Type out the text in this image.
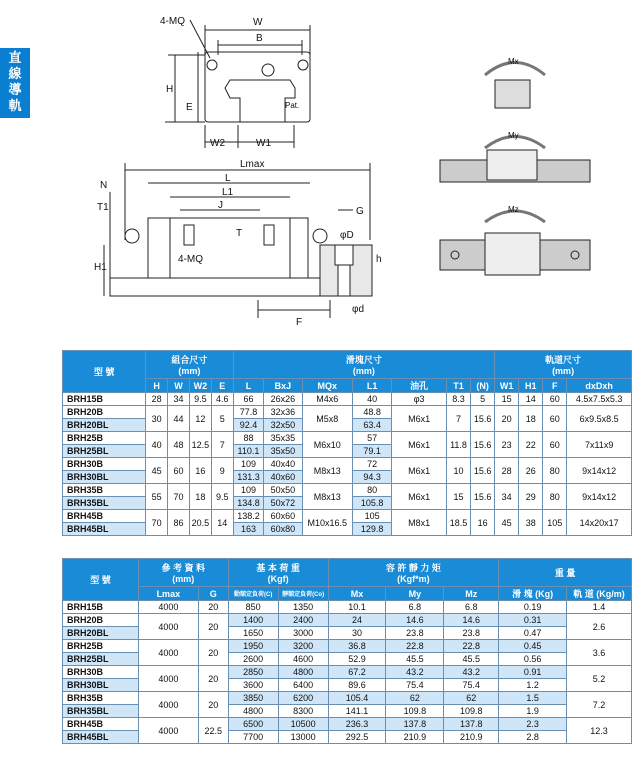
直
線
導
軌
4-MQ	W
B
H
E
W2	W1
Pat.
Lmax
L
L1
J
N
T1
H1
T
4-MQ
G
φD
h
φd
F
Mx
My
Mz
型 號	組合尺寸
(mm)				滑塊尺寸
(mm)							軌道尺寸
(mm)			
	H	W	W2	E	L	BxJ	MQx	L1	油孔	T1	(N)	W1	H1	F	dxDxh
BRH15B	28	34	9.5	4.6	66	26x26	M4x6	40	φ3	8.3	5	15	14	60	4.5x7.5x5.3
BRH20B	30	44	12	5	77.8	32x36	M5x8	48.8	M6x1	7	15.6	20	18	60	6x9.5x8.5
BRH20BL					92.4	32x50		63.4							
BRH25B	40	48	12.5	7	88	35x35	M6x10	57	M6x1	11.8	15.6	23	22	60	7x11x9
BRH25BL					110.1	35x50		79.1							
BRH30B	45	60	16	9	109	40x40	M8x13	72	M6x1	10	15.6	28	26	80	9x14x12
BRH30BL					131.3	40x60		94.3							
BRH35B	55	70	18	9.5	109	50x50	M8x13	80	M6x1	15	15.6	34	29	80	9x14x12
BRH35BL					134.8	50x72		105.8							
BRH45B	70	86	20.5	14	138.2	60x60	M10x16.5	105	M8x1	18.5	16	45	38	105	14x20x17
BRH45BL					163	60x80		129.8							
型 號	參 考 資 料
(mm)		基 本 荷 重
(Kgf)		容 許 靜 力 矩
(Kgf*m)			重 量	
	Lmax	G	動額定負荷(C)	靜額定負荷(Co)	Mx	My	Mz	滑 塊 (Kg)	軌 道 (Kg/m)
BRH15B	4000	20	850	1350	10.1	6.8	6.8	0.19	1.4
BRH20B	4000	20	1400	2400	24	14.6	14.6	0.31	2.6
BRH20BL			1650	3000	30	23.8	23.8	0.47	
BRH25B	4000	20	1950	3200	36.8	22.8	22.8	0.45	3.6
BRH25BL			2600	4600	52.9	45.5	45.5	0.56	
BRH30B	4000	20	2850	4800	67.2	43.2	43.2	0.91	5.2
BRH30BL			3600	6400	89.6	75.4	75.4	1.2	
BRH35B	4000	20	3850	6200	105.4	62	62	1.5	7.2
BRH35BL			4800	8300	141.1	109.8	109.8	1.9	
BRH45B	4000	22.5	6500	10500	236.3	137.8	137.8	2.3	12.3
BRH45BL			7700	13000	292.5	210.9	210.9	2.8	
